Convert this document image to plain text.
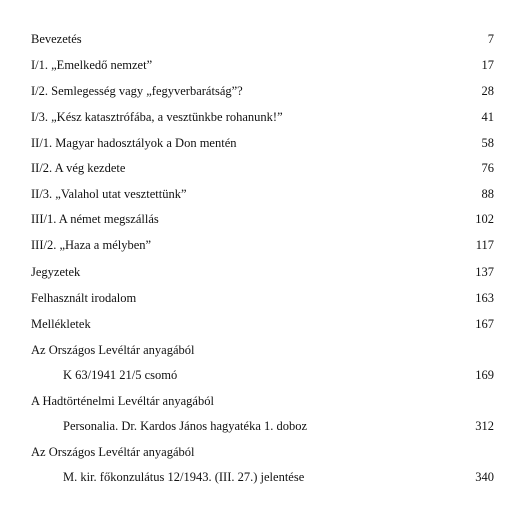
Bevezetés	7
I/1. „Emelkedő nemzet”	17
I/2. Semlegesség vagy „fegyverbarátság”?	28
I/3. „Kész katasztrófába, a vesztünkbe rohanunk!”	41
II/1. Magyar hadosztályok a Don mentén	58
II/2. A vég kezdete	76
II/3. „Valahol utat vesztettünk”	88
III/1. A német megszállás	102
III/2. „Haza a mélyben”	117
Jegyzetek	137
Felhasznált irodalom	163
Mellékletek	167
Az Országos Levéltár anyagából
K 63/1941 21/5 csomó	169
A Hadtörténelmi Levéltár anyagából
Personalia. Dr. Kardos János hagyatéka 1. doboz	312
Az Országos Levéltár anyagából
M. kir. főkonzulátus 12/1943. (III. 27.) jelentése	340
